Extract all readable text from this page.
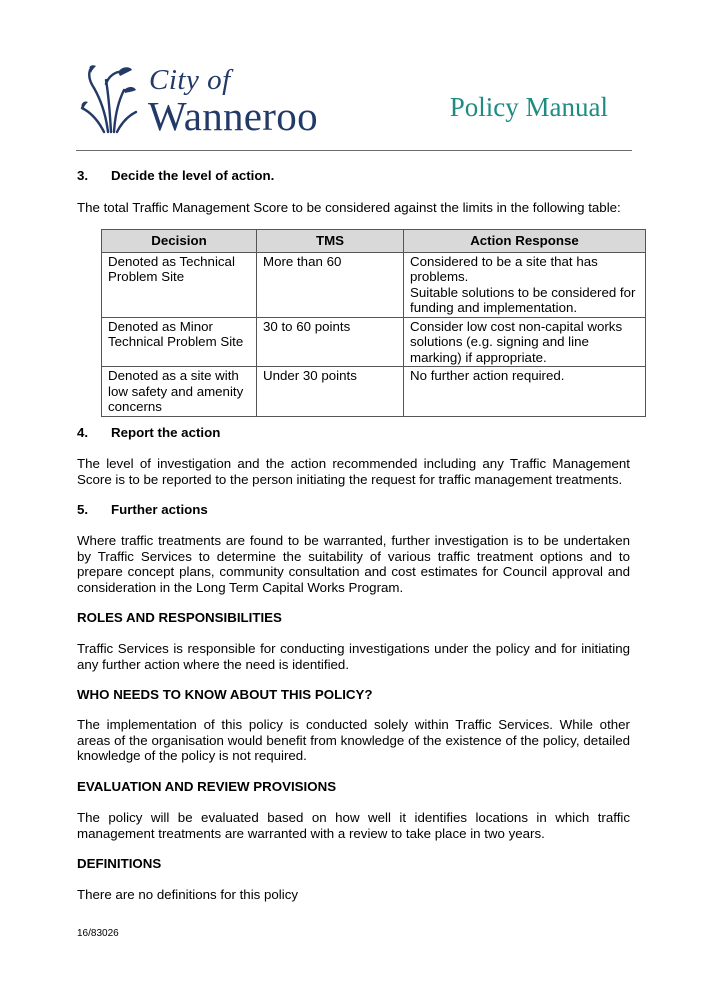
City of
Wanneroo	Policy Manual
3. Decide the level of action.
The total Traffic Management Score to be considered against the limits in the following table:
Decision	TMS	Action Response
Denoted as Technical Problem Site	More than 60	Considered to be a site that has problems.
Suitable solutions to be considered for funding and implementation.

Denoted as Minor Technical Problem Site	30 to 60 points	Consider low cost non-capital works solutions (e.g. signing and line marking) if appropriate.

Denoted as a site with low safety and amenity concerns	Under 30 points	No further action required.
4. Report the action
The level of investigation and the action recommended including any Traffic Management Score is to be reported to the person initiating the request for traffic management treatments.
5. Further actions
Where traffic treatments are found to be warranted, further investigation is to be undertaken by Traffic Services to determine the suitability of various traffic treatment options and to prepare concept plans, community consultation and cost estimates for Council approval and consideration in the Long Term Capital Works Program.
ROLES AND RESPONSIBILITIES
Traffic Services is responsible for conducting investigations under the policy and for initiating any further action where the need is identified.
WHO NEEDS TO KNOW ABOUT THIS POLICY?
The implementation of this policy is conducted solely within Traffic Services. While other areas of the organisation would benefit from knowledge of the existence of the policy, detailed knowledge of the policy is not required.
EVALUATION AND REVIEW PROVISIONS
The policy will be evaluated based on how well it identifies locations in which traffic management treatments are warranted with a review to take place in two years.
DEFINITIONS
There are no definitions for this policy
16/83026
